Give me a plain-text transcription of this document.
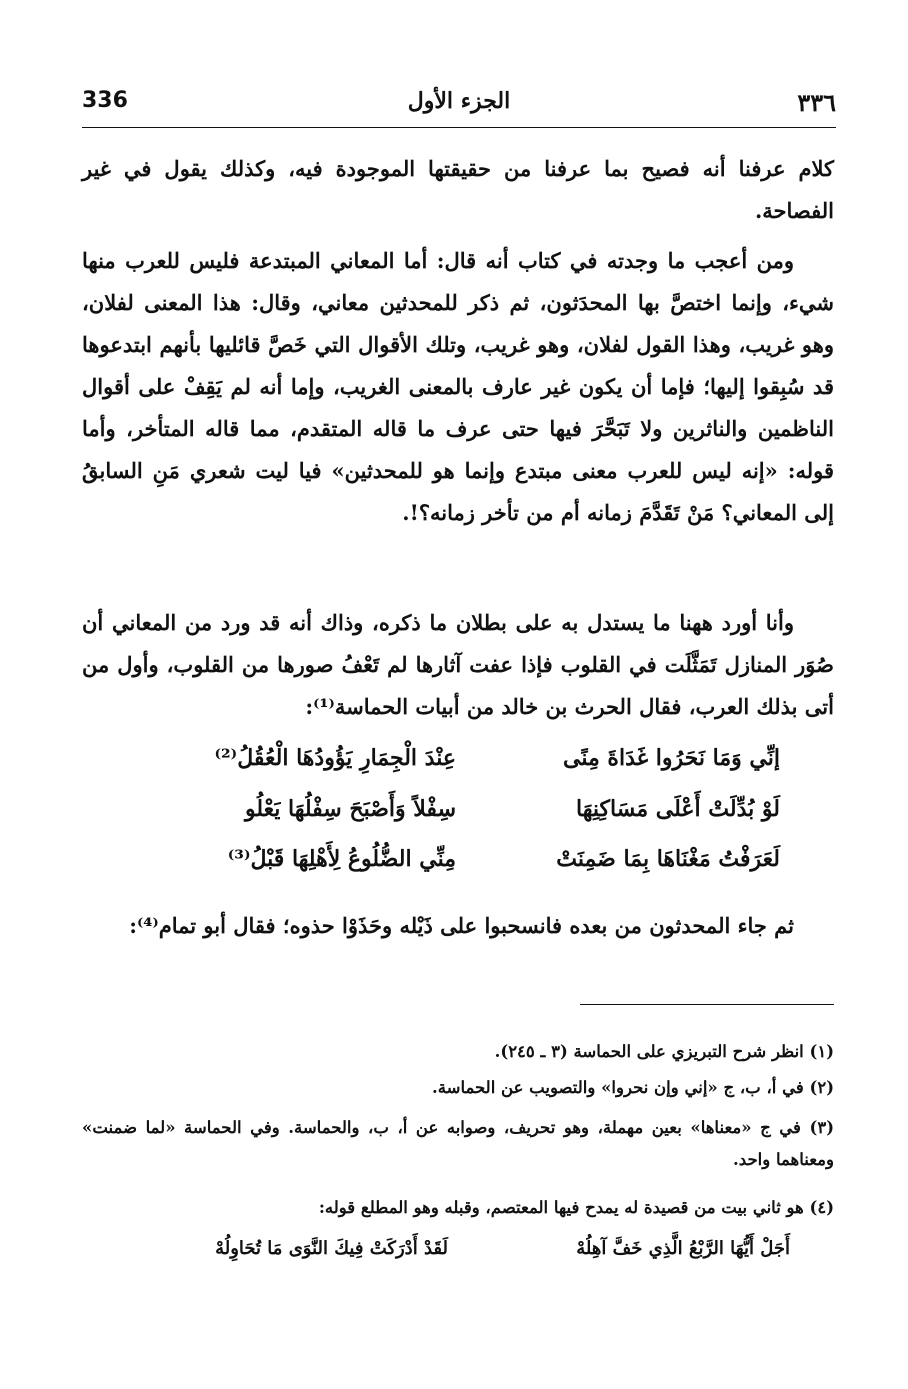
336	الجزء الأول	٣٣٦
كلام عرفنا أنه فصيح بما عرفنا من حقيقتها الموجودة فيه، وكذلك يقول في غير الفصاحة.
ومن أعجب ما وجدته في كتاب أنه قال: أما المعاني المبتدعة فليس للعرب منها شيء، وإنما اختصَّ بها المحدَثون، ثم ذكر للمحدثين معاني، وقال: هذا المعنى لفلان، وهو غريب، وهذا القول لفلان، وهو غريب، وتلك الأقوال التي خَصَّ قائليها بأنهم ابتدعوها قد سُبِقوا إليها؛ فإما أن يكون غير عارف بالمعنى الغريب، وإما أنه لم يَقِفْ على أقوال الناظمين والناثرين ولا تَبَحَّرَ فيها حتى عرف ما قاله المتقدم، مما قاله المتأخر، وأما قوله: «إنه ليس للعرب معنى مبتدع وإنما هو للمحدثين» فيا ليت شعري مَنِ السابقُ إلى المعاني؟ مَنْ تَقَدَّمَ زمانه أم من تأخر زمانه؟!.
وأنا أورد ههنا ما يستدل به على بطلان ما ذكره، وذاك أنه قد ورد من المعاني أن صُوَر المنازل تَمَثَّلَت في القلوب فإذا عفت آثارها لم تَعْفُ صورها من القلوب، وأول من أتى بذلك العرب، فقال الحرث بن خالد من أبيات الحماسة⁽¹⁾:
إنِّي وَمَا نَحَرُوا غَدَاةَ مِنًى
عِنْدَ الْجِمَارِ يَؤُودُهَا الْعُقُلُ⁽²⁾
لَوْ بُدِّلَتْ أَعْلَى مَسَاكِنِهَا
سِفْلاً وَأَصْبَحَ سِفْلُهَا يَعْلُو
لَعَرَفْتُ مَغْنَاهَا بِمَا ضَمِنَتْ
مِنِّي الضُّلُوعُ لِأَهْلِهَا قَبْلُ⁽³⁾
ثم جاء المحدثون من بعده فانسحبوا على ذَيْله وحَذَوْا حذوه؛ فقال أبو تمام⁽⁴⁾:
(١) انظر شرح التبريزي على الحماسة (٣ ـ ٢٤٥).
(٢) في أ، ب، ج «إني وإن نحروا» والتصويب عن الحماسة.
(٣) في ج «معناها» بعين مهملة، وهو تحريف، وصوابه عن أ، ب، والحماسة. وفي الحماسة «لما ضمنت» ومعناهما واحد.
(٤) هو ثاني بيت من قصيدة له يمدح فيها المعتصم، وقبله وهو المطلع قوله:
أَجَلْ أَيُّهَا الرَّبْعُ الَّذِي خَفَّ آهِلُهْ
لَقَدْ أَدْرَكَتْ فِيكَ النَّوَى مَا تُحَاوِلُهْ
